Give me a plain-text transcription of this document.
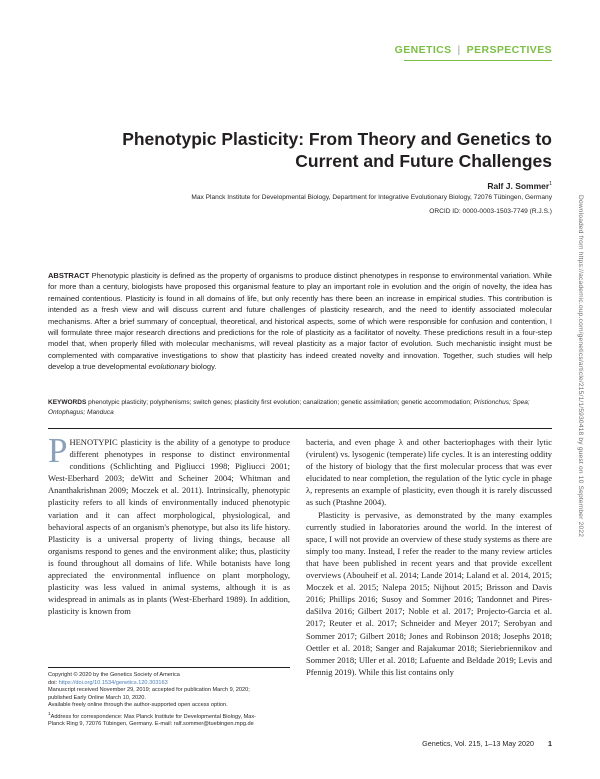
GENETICS | PERSPECTIVES
Phenotypic Plasticity: From Theory and Genetics to Current and Future Challenges
Ralf J. Sommer$^1$
Max Planck Institute for Developmental Biology, Department for Integrative Evolutionary Biology, 72076 Tübingen, Germany
ORCID ID: 0000-0003-1503-7749 (R.J.S.)

ABSTRACT Phenotypic plasticity is defined as the property of organisms to produce distinct phenotypes in response to environmental variation. While for more than a century, biologists have proposed this organismal feature to play an important role in evolution and the origin of novelty, the idea has remained contentious. Plasticity is found in all domains of life, but only recently has there been an increase in empirical studies. This contribution is intended as a fresh view and will discuss current and future challenges of plasticity research, and the need to identify associated molecular mechanisms. After a brief summary of conceptual, theoretical, and historical aspects, some of which were responsible for confusion and contention, I will formulate three major research directions and predictions for the role of plasticity as a facilitator of novelty. These predictions result in a four-step model that, when properly filled with molecular mechanisms, will reveal plasticity as a major factor of evolution. Such mechanistic insight must be complemented with comparative investigations to show that plasticity has indeed created novelty and innovation. Together, such studies will help develop a true developmental evolutionary biology.

KEYWORDS phenotypic plasticity; polyphenisms; switch genes; plasticity first evolution; canalization; genetic assimilation; genetic accommodation; Pristionchus; Spea; Ontophagus; Manduca

PHENOTYPIC plasticity is the ability of a genotype to produce different phenotypes in response to distinct environmental conditions (Schlichting and Pigliucci 1998; Pigliucci 2001; West-Eberhard 2003; deWitt and Scheiner 2004; Whitman and Ananthakrishnan 2009; Moczek et al. 2011). Intrinsically, phenotypic plasticity refers to all kinds of environmentally induced phenotypic variation and it can affect morphological, physiological, and behavioral aspects of an organism's phenotype, but also its life history. Plasticity is a universal property of living things, because all organisms respond to genes and the environment alike; thus, plasticity is found throughout all domains of life. While botanists have long appreciated the environmental influence on plant morphology, plasticity was less valued in animal systems, although it is as widespread in animals as in plants (West-Eberhard 1989). In addition, plasticity is known from

bacteria, and even phage λ and other bacteriophages with their lytic (virulent) vs. lysogenic (temperate) life cycles. It is an interesting oddity of the history of biology that the first molecular process that was ever elucidated to near completion, the regulation of the lytic cycle in phage λ, represents an example of plasticity, even though it is rarely discussed as such (Ptashne 2004).

Plasticity is pervasive, as demonstrated by the many examples currently studied in laboratories around the world. In the interest of space, I will not provide an overview of these study systems as there are simply too many. Instead, I refer the reader to the many review articles that have been published in recent years and that provide excellent overviews (Abouheif et al. 2014; Lande 2014; Laland et al. 2014, 2015; Moczek et al. 2015; Nalepa 2015; Nijhout 2015; Brisson and Davis 2016; Phillips 2016; Susoy and Sommer 2016; Tandonnet and Pires-daSilva 2016; Gilbert 2017; Noble et al. 2017; Projecto-Garcia et al. 2017; Reuter et al. 2017; Schneider and Meyer 2017; Serobyan and Sommer 2017; Gilbert 2018; Jones and Robinson 2018; Josephs 2018; Oettler et al. 2018; Sanger and Rajakumar 2018; Sieriebriennikov and Sommer 2018; Uller et al. 2018; Lafuente and Beldade 2019; Levis and Pfennig 2019). While this list contains only

Copyright © 2020 by the Genetics Society of America
doi: https://doi.org/10.1534/genetics.120.303163
Manuscript received November 29, 2019; accepted for publication March 9, 2020;
published Early Online March 10, 2020.
Available freely online through the author-supported open access option.
$^1$Address for correspondence: Max Planck Institute for Developmental Biology, Max-
Planck Ring 9, 72076 Tübingen, Germany. E-mail: ralf.sommer@tuebingen.mpg.de
Genetics, Vol. 215, 1–13 May 2020 1
Downloaded from https://academic.oup.com/genetics/article/215/1/1/5930418 by guest on 10 September 2022
